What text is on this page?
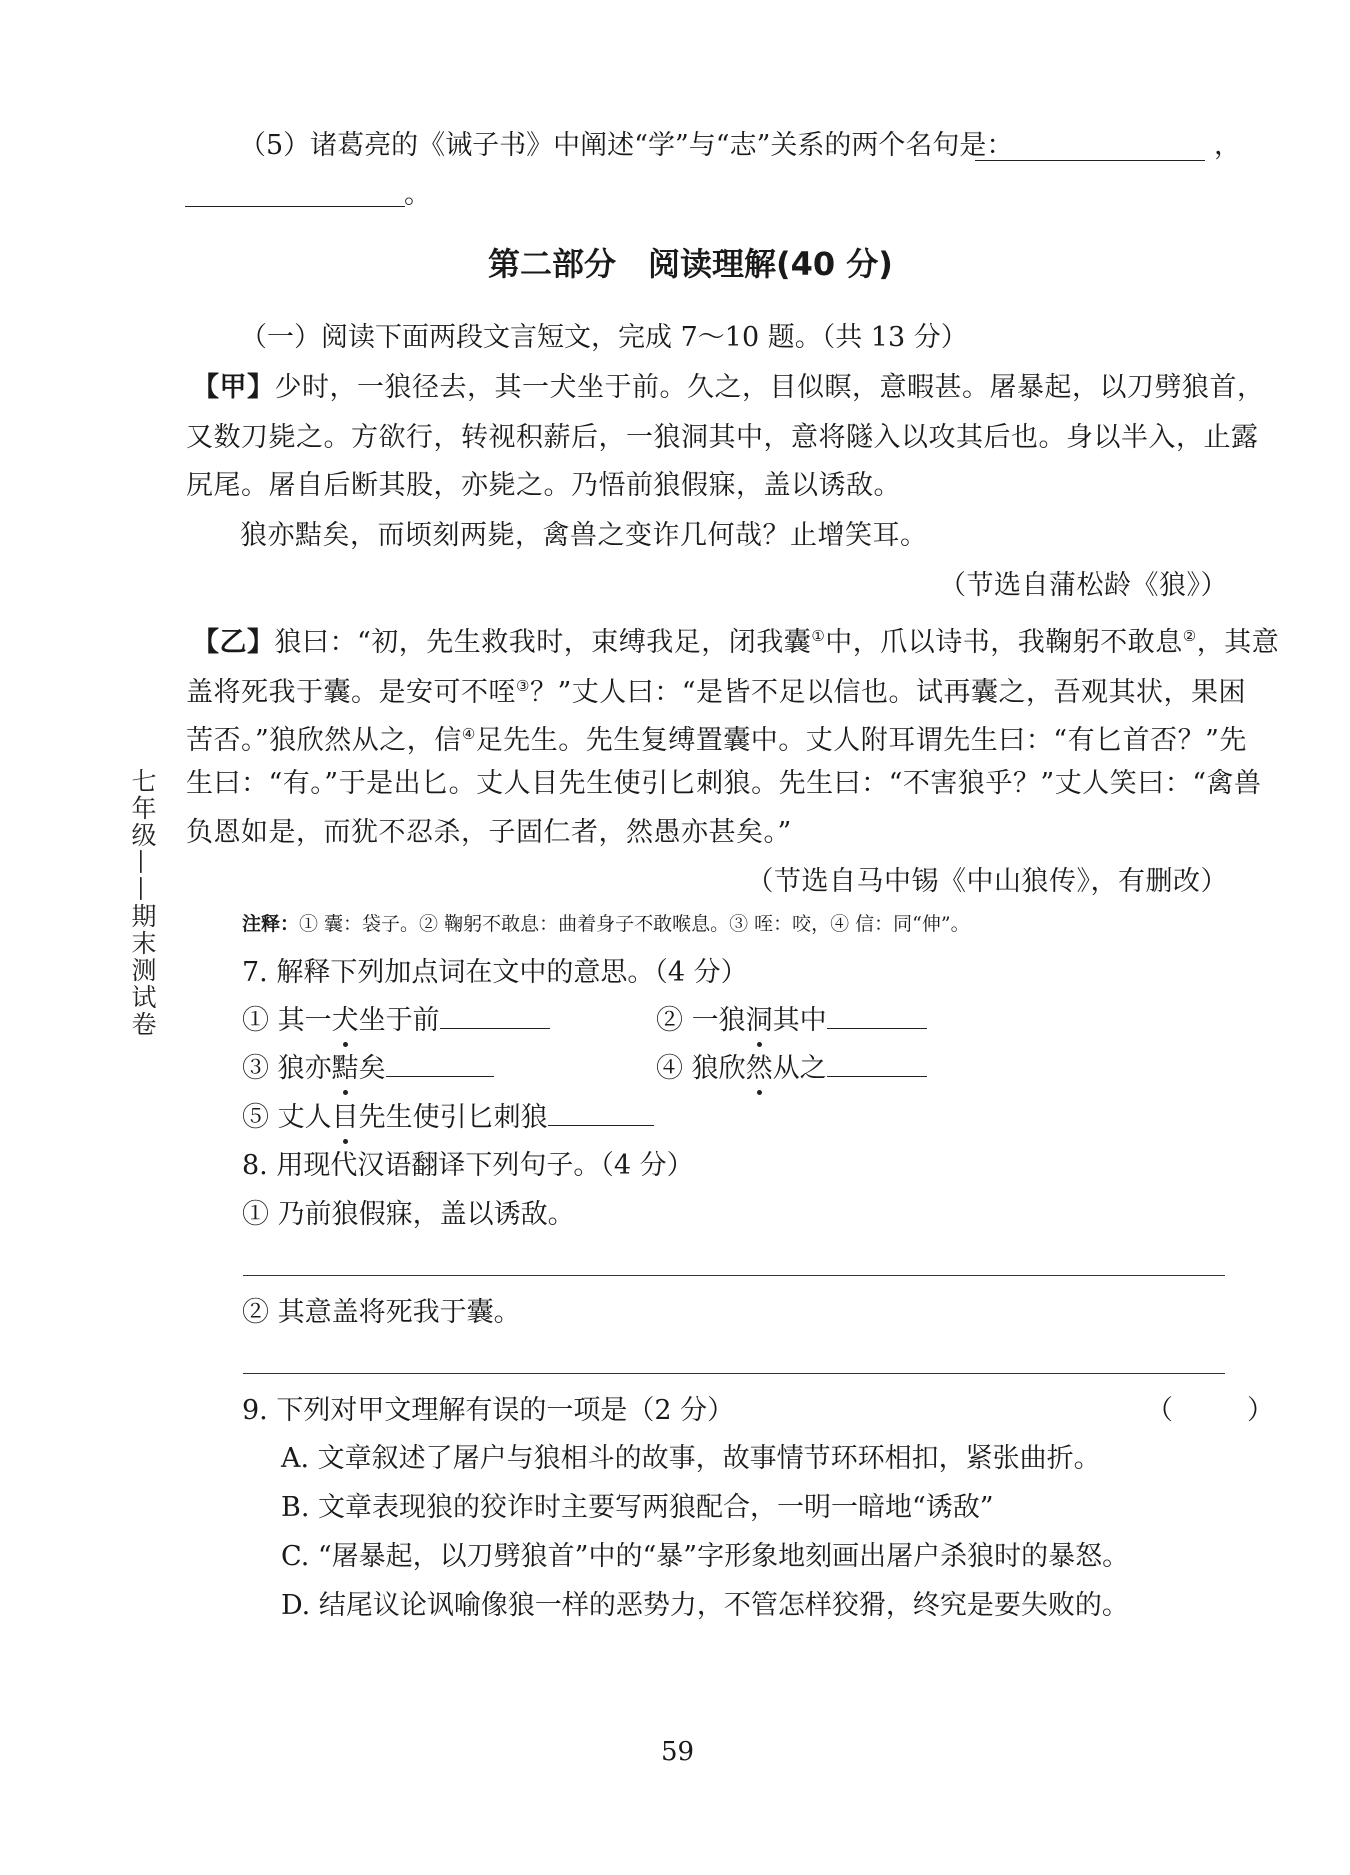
（5）诸葛亮的《诫子书》中阐述“学”与“志”关系的两个名句是：	，
。
第二部分　阅读理解(40 分)
（一）阅读下面两段文言短文，完成 7～10 题。（共 13 分）
【甲】少时，一狼径去，其一犬坐于前。久之，目似瞑，意暇甚。屠暴起，以刀劈狼首，
又数刀毙之。方欲行，转视积薪后，一狼洞其中，意将隧入以攻其后也。身以半入，止露
尻尾。屠自后断其股，亦毙之。乃悟前狼假寐，盖以诱敌。
狼亦黠矣，而顷刻两毙，禽兽之变诈几何哉？止增笑耳。
（节选自蒲松龄《狼》）
【乙】狼曰：“初，先生救我时，束缚我足，闭我囊①中，爪以诗书，我鞠躬不敢息②，其意
盖将死我于囊。是安可不咥③？”丈人曰：“是皆不足以信也。试再囊之，吾观其状，果困
苦否。”狼欣然从之，信④足先生。先生复缚置囊中。丈人附耳谓先生曰：“有匕首否？”先
生曰：“有。”于是出匕。丈人目先生使引匕刺狼。先生曰：“不害狼乎？”丈人笑曰：“禽兽
负恩如是，而犹不忍杀，子固仁者，然愚亦甚矣。”
（节选自马中锡《中山狼传》，有删改）
注释：① 囊：袋子。② 鞠躬不敢息：曲着身子不敢喉息。③ 咥：咬，④ 信：同“伸”。
7. 解释下列加点词在文中的意思。（4 分）
① 其一犬坐于前	② 一狼洞其中
③ 狼亦黠矣	④ 狼欣然从之
⑤ 丈人目先生使引匕刺狼
8. 用现代汉语翻译下列句子。（4 分）
① 乃前狼假寐，盖以诱敌。
② 其意盖将死我于囊。
9. 下列对甲文理解有误的一项是（2 分）	（	）
A. 文章叙述了屠户与狼相斗的故事，故事情节环环相扣，紧张曲折。
B. 文章表现狼的狡诈时主要写两狼配合，一明一暗地“诱敌”
C. “屠暴起，以刀劈狼首”中的“暴”字形象地刻画出屠户杀狼时的暴怒。
D. 结尾议论讽喻像狼一样的恶势力，不管怎样狡猾，终究是要失败的。
七年级——期末测试卷
59
